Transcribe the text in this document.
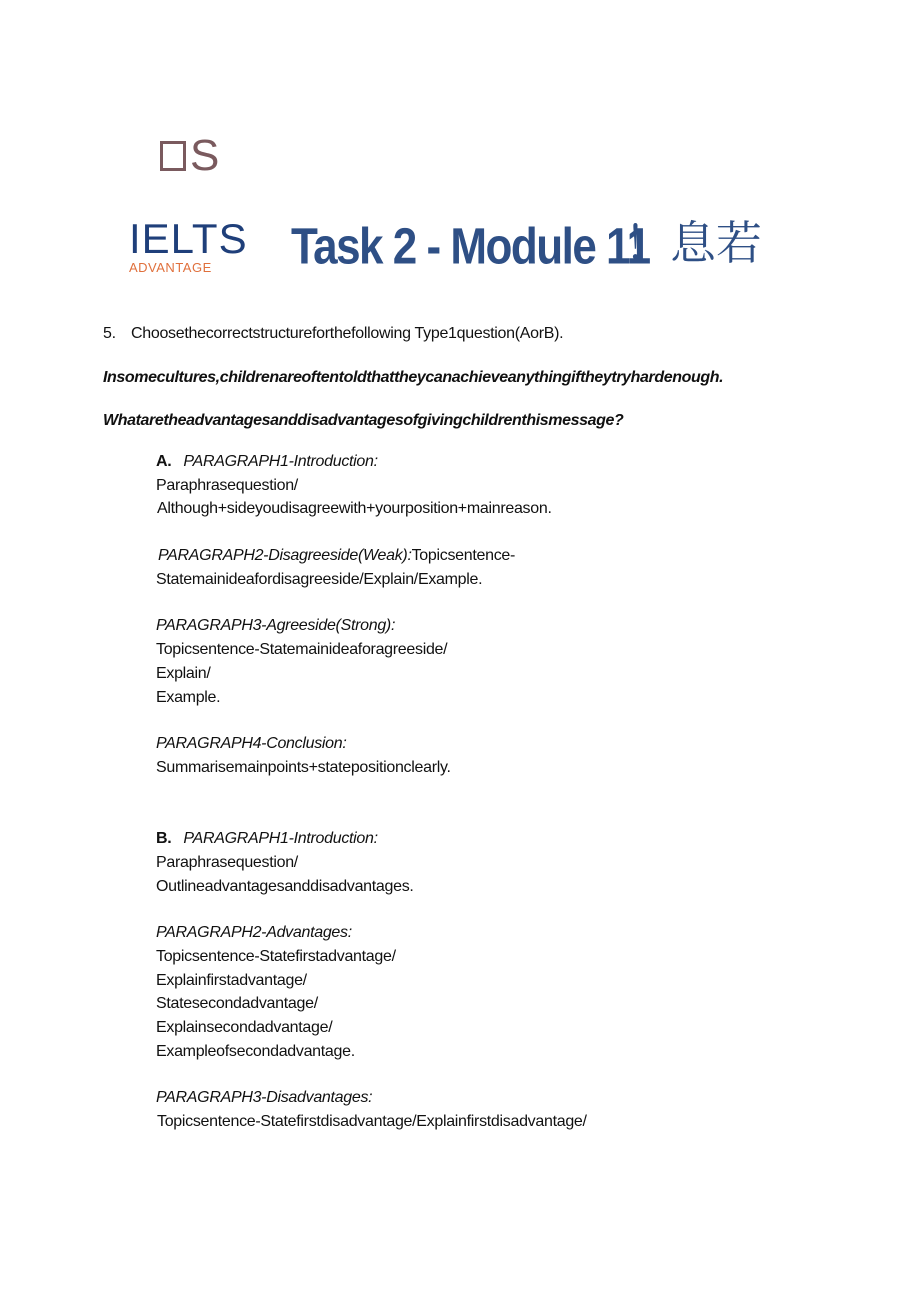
S
IELTS
ADVANTAGE Task 2 - Module 11
！息若
5. Choosethecorrectstructureforthefollowing Type1question(AorB).
Insomecultures,childrenareoftentoldthattheycanachieveanythingiftheytryhardenough.
Whataretheadvantagesanddisadvantagesofgivingchildrenthismessage?
A. PARAGRAPH1-Introduction:
Paraphrasequestion/
Although+sideyoudisagreewith+yourposition+mainreason.
PARAGRAPH2-Disagreeside(Weak):Topicsentence-
Statemainideafordisagreeside/Explain/Example.
PARAGRAPH3-Agreeside(Strong):
Topicsentence-Statemainideaforagreeside/
Explain/
Example.
PARAGRAPH4-Conclusion:
Summarisemainpoints+statepositionclearly.
B. PARAGRAPH1-Introduction:
Paraphrasequestion/
Outlineadvantagesanddisadvantages.
PARAGRAPH2-Advantages:
Topicsentence-Statefirstadvantage/
Explainfirstadvantage/
Statesecondadvantage/
Explainsecondadvantage/
Exampleofsecondadvantage.
PARAGRAPH3-Disadvantages:
Topicsentence-Statefirstdisadvantage/Explainfirstdisadvantage/
